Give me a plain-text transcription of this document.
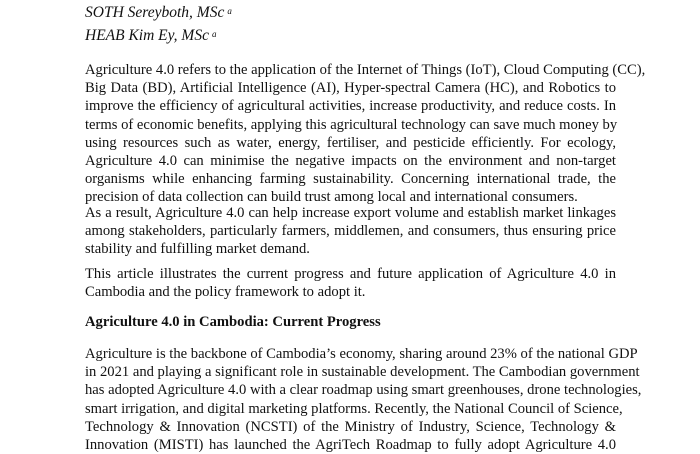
SOTH Sereyboth, MSc $^a$
HEAB Kim Ey, MSc $^a$
Agriculture 4.0 refers to the application of the Internet of Things (IoT), Cloud Computing (CC),
Big Data (BD), Artificial Intelligence (AI), Hyper-spectral Camera (HC), and Robotics to
improve the efficiency of agricultural activities, increase productivity, and reduce costs. In
terms of economic benefits, applying this agricultural technology can save much money by
using resources such as water, energy, fertiliser, and pesticide efficiently. For ecology,
Agriculture 4.0 can minimise the negative impacts on the environment and non-target
organisms while enhancing farming sustainability. Concerning international trade, the
precision of data collection can build trust among local and international consumers.
As a result, Agriculture 4.0 can help increase export volume and establish market linkages
among stakeholders, particularly farmers, middlemen, and consumers, thus ensuring price
stability and fulfilling market demand.
This article illustrates the current progress and future application of Agriculture 4.0 in
Cambodia and the policy framework to adopt it.
Agriculture 4.0 in Cambodia: Current Progress
Agriculture is the backbone of Cambodia’s economy, sharing around 23% of the national GDP
in 2021 and playing a significant role in sustainable development. The Cambodian government
has adopted Agriculture 4.0 with a clear roadmap using smart greenhouses, drone technologies,
smart irrigation, and digital marketing platforms. Recently, the National Council of Science,
Technology & Innovation (NCSTI) of the Ministry of Industry, Science, Technology &
Innovation (MISTI) has launched the AgriTech Roadmap to fully adopt Agriculture 4.0
